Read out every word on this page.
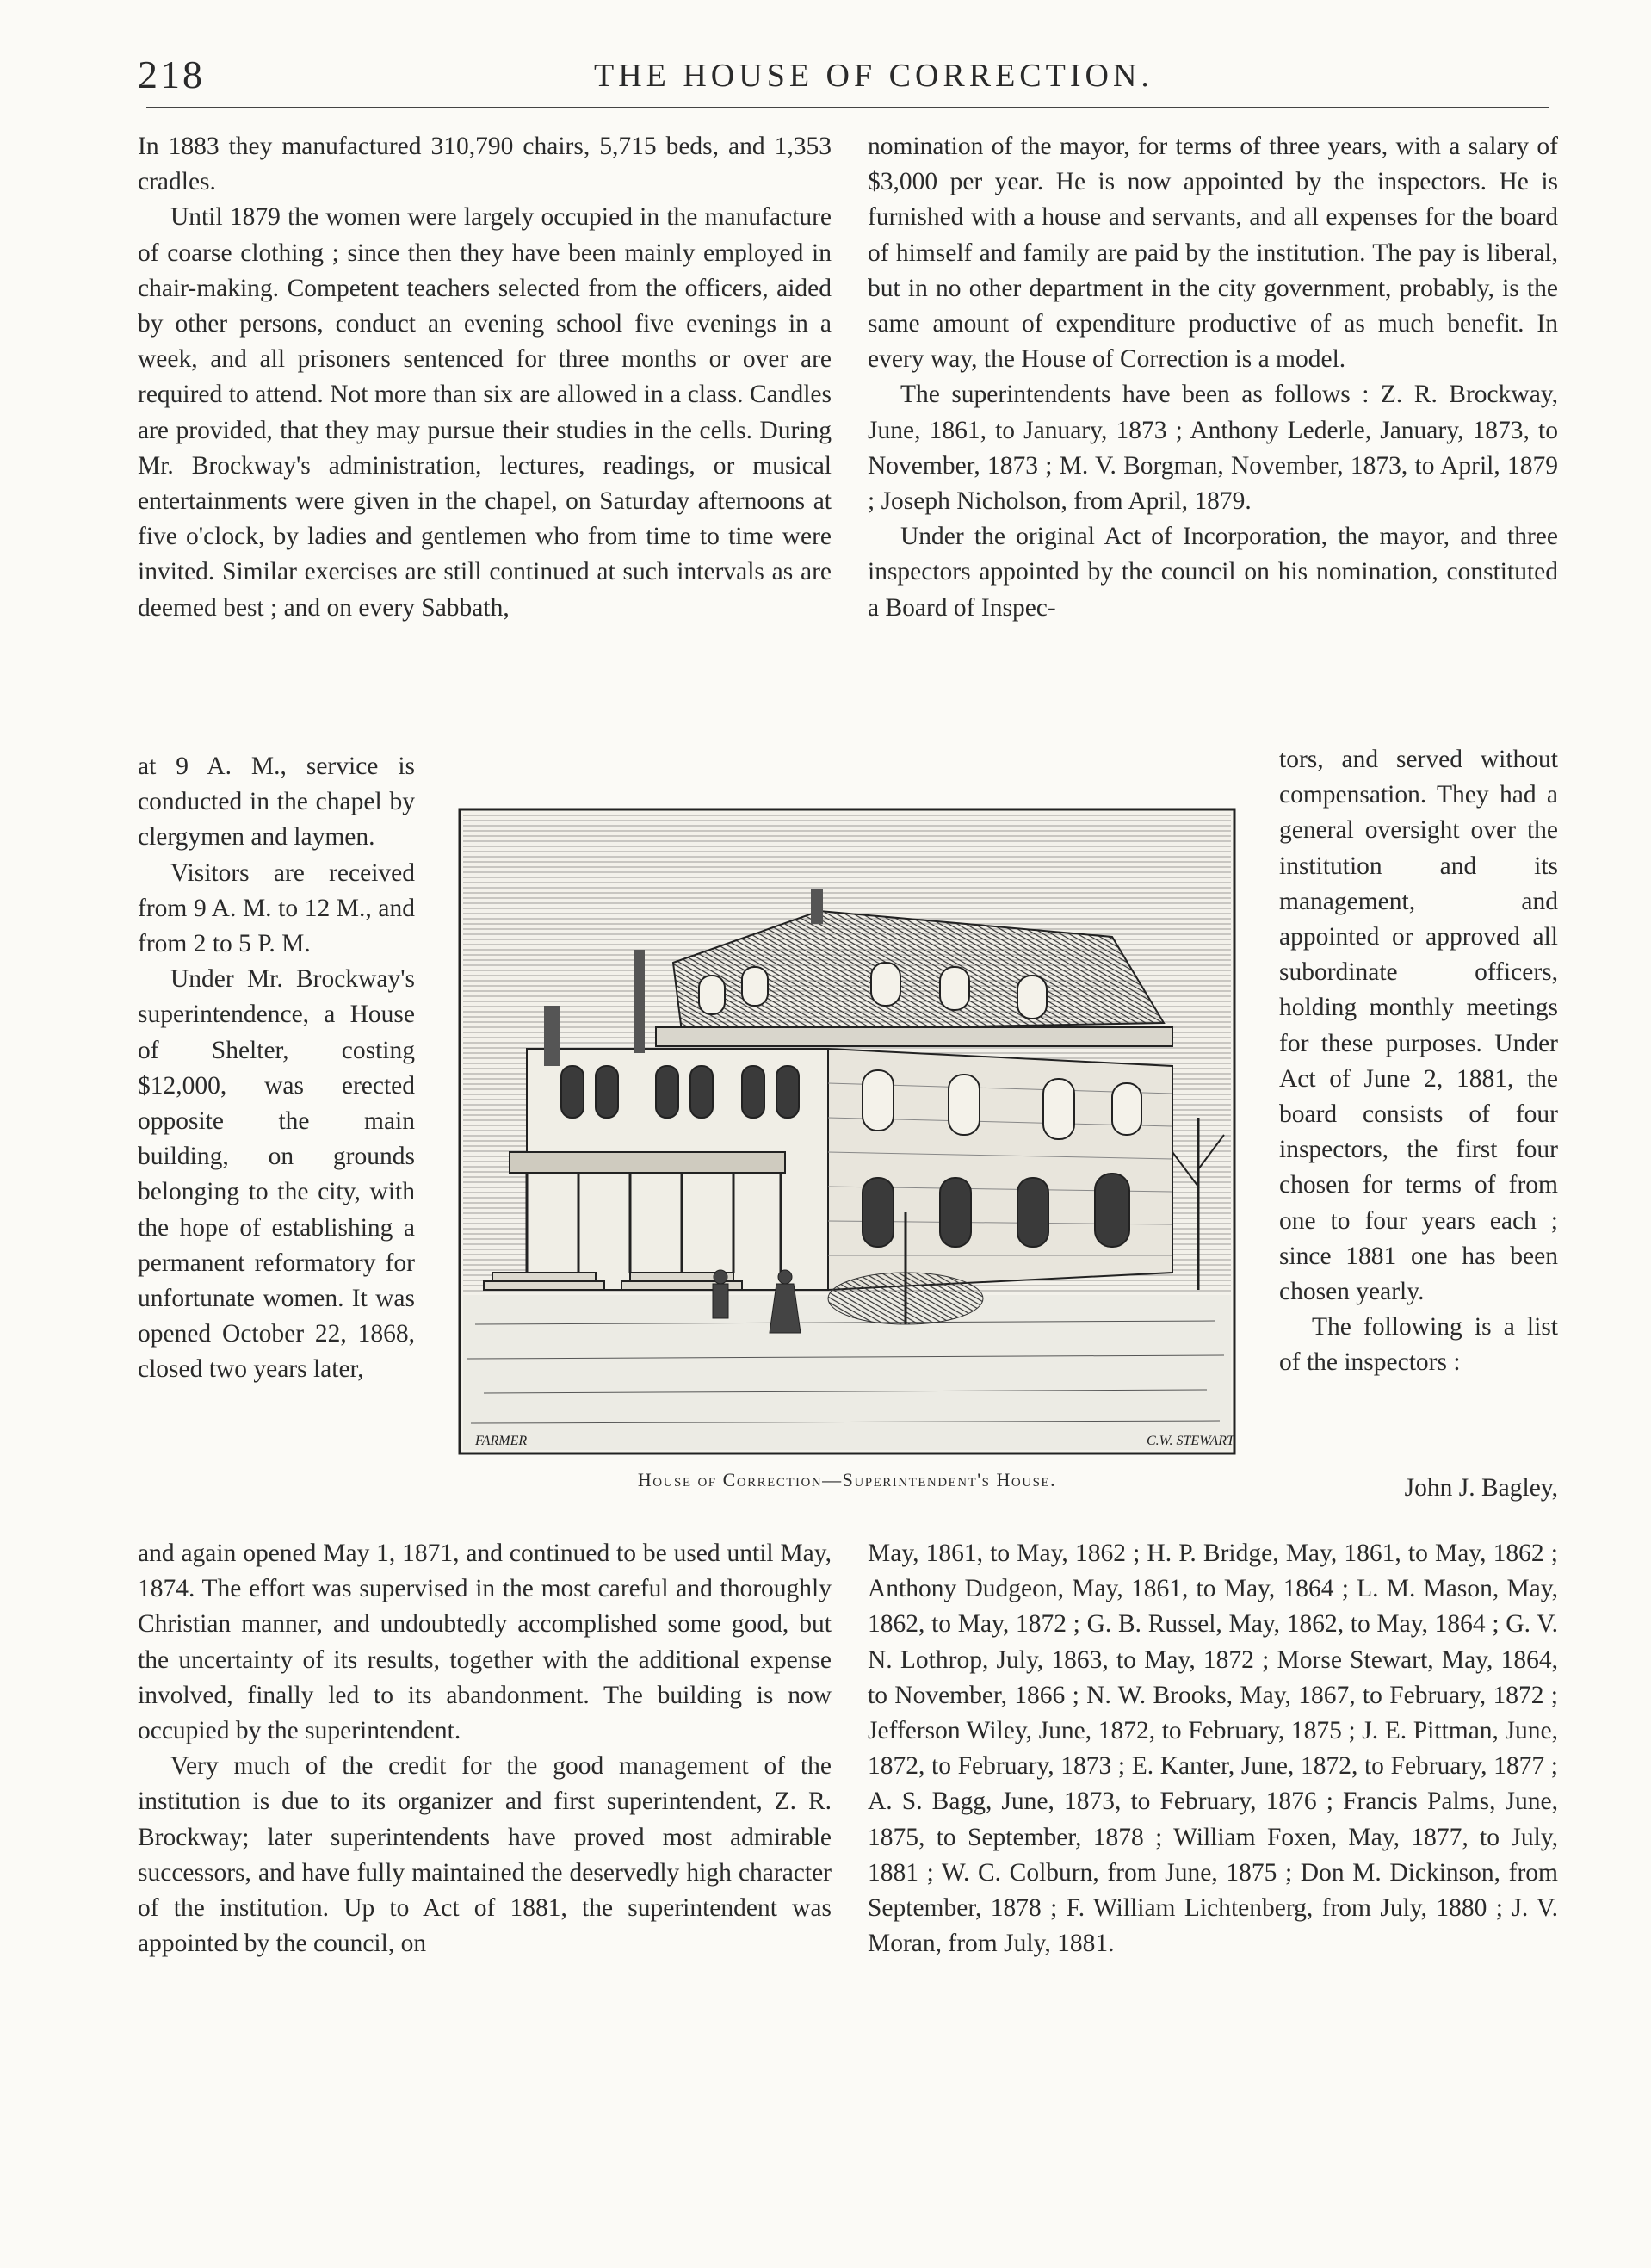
218	THE HOUSE OF CORRECTION.

In 1883 they manufactured 310,790 chairs, 5,715 beds, and 1,353 cradles.

Until 1879 the women were largely occupied in the manufacture of coarse clothing ; since then they have been mainly employed in chair-making. Competent teachers selected from the officers, aided by other persons, conduct an evening school five evenings in a week, and all prisoners sentenced for three months or over are required to attend. Not more than six are allowed in a class. Candles are provided, that they may pursue their studies in the cells. During Mr. Brockway's administration, lectures, readings, or musical entertainments were given in the chapel, on Saturday afternoons at five o'clock, by ladies and gentlemen who from time to time were invited. Similar exercises are still continued at such intervals as are deemed best ; and on every Sabbath,

at 9 A. M., service is conducted in the chapel by clergymen and laymen.

Visitors are received from 9 A. M. to 12 M., and from 2 to 5 P. M.

Under Mr. Brockway's superintendence, a House of Shelter, costing $12,000, was erected opposite the main building, on grounds belonging to the city, with the hope of establishing a permanent reformatory for unfortunate women. It was opened October 22, 1868, closed two years later,

nomination of the mayor, for terms of three years, with a salary of $3,000 per year. He is now appointed by the inspectors. He is furnished with a house and servants, and all expenses for the board of himself and family are paid by the institution. The pay is liberal, but in no other department in the city government, probably, is the same amount of expenditure productive of as much benefit. In every way, the House of Correction is a model.

The superintendents have been as follows : Z. R. Brockway, June, 1861, to January, 1873 ; Anthony Lederle, January, 1873, to November, 1873 ; M. V. Borgman, November, 1873, to April, 1879 ; Joseph Nicholson, from April, 1879.

Under the original Act of Incorporation, the mayor, and three inspectors appointed by the council on his nomination, constituted a Board of Inspec-

tors, and served without compensation. They had a general oversight over the institution and its management, and appointed or approved all subordinate officers, holding monthly meetings for these purposes. Under Act of June 2, 1881, the board consists of four inspectors, the first four chosen for terms of from one to four years each ; since 1881 one has been chosen yearly.

The following is a list of the inspectors :

John J. Bagley,
FARMER	C.W. STEWART
House of Correction—Superintendent's House.

and again opened May 1, 1871, and continued to be used until May, 1874. The effort was supervised in the most careful and thoroughly Christian manner, and undoubtedly accomplished some good, but the uncertainty of its results, together with the additional expense involved, finally led to its abandonment. The building is now occupied by the superintendent.

Very much of the credit for the good management of the institution is due to its organizer and first superintendent, Z. R. Brockway; later superintendents have proved most admirable successors, and have fully maintained the deservedly high character of the institution. Up to Act of 1881, the superintendent was appointed by the council, on

May, 1861, to May, 1862 ; H. P. Bridge, May, 1861, to May, 1862 ; Anthony Dudgeon, May, 1861, to May, 1864 ; L. M. Mason, May, 1862, to May, 1872 ; G. B. Russel, May, 1862, to May, 1864 ; G. V. N. Lothrop, July, 1863, to May, 1872 ; Morse Stewart, May, 1864, to November, 1866 ; N. W. Brooks, May, 1867, to February, 1872 ; Jefferson Wiley, June, 1872, to February, 1875 ; J. E. Pittman, June, 1872, to February, 1873 ; E. Kanter, June, 1872, to February, 1877 ; A. S. Bagg, June, 1873, to February, 1876 ; Francis Palms, June, 1875, to September, 1878 ; William Foxen, May, 1877, to July, 1881 ; W. C. Colburn, from June, 1875 ; Don M. Dickinson, from September, 1878 ; F. William Lichtenberg, from July, 1880 ; J. V. Moran, from July, 1881.
